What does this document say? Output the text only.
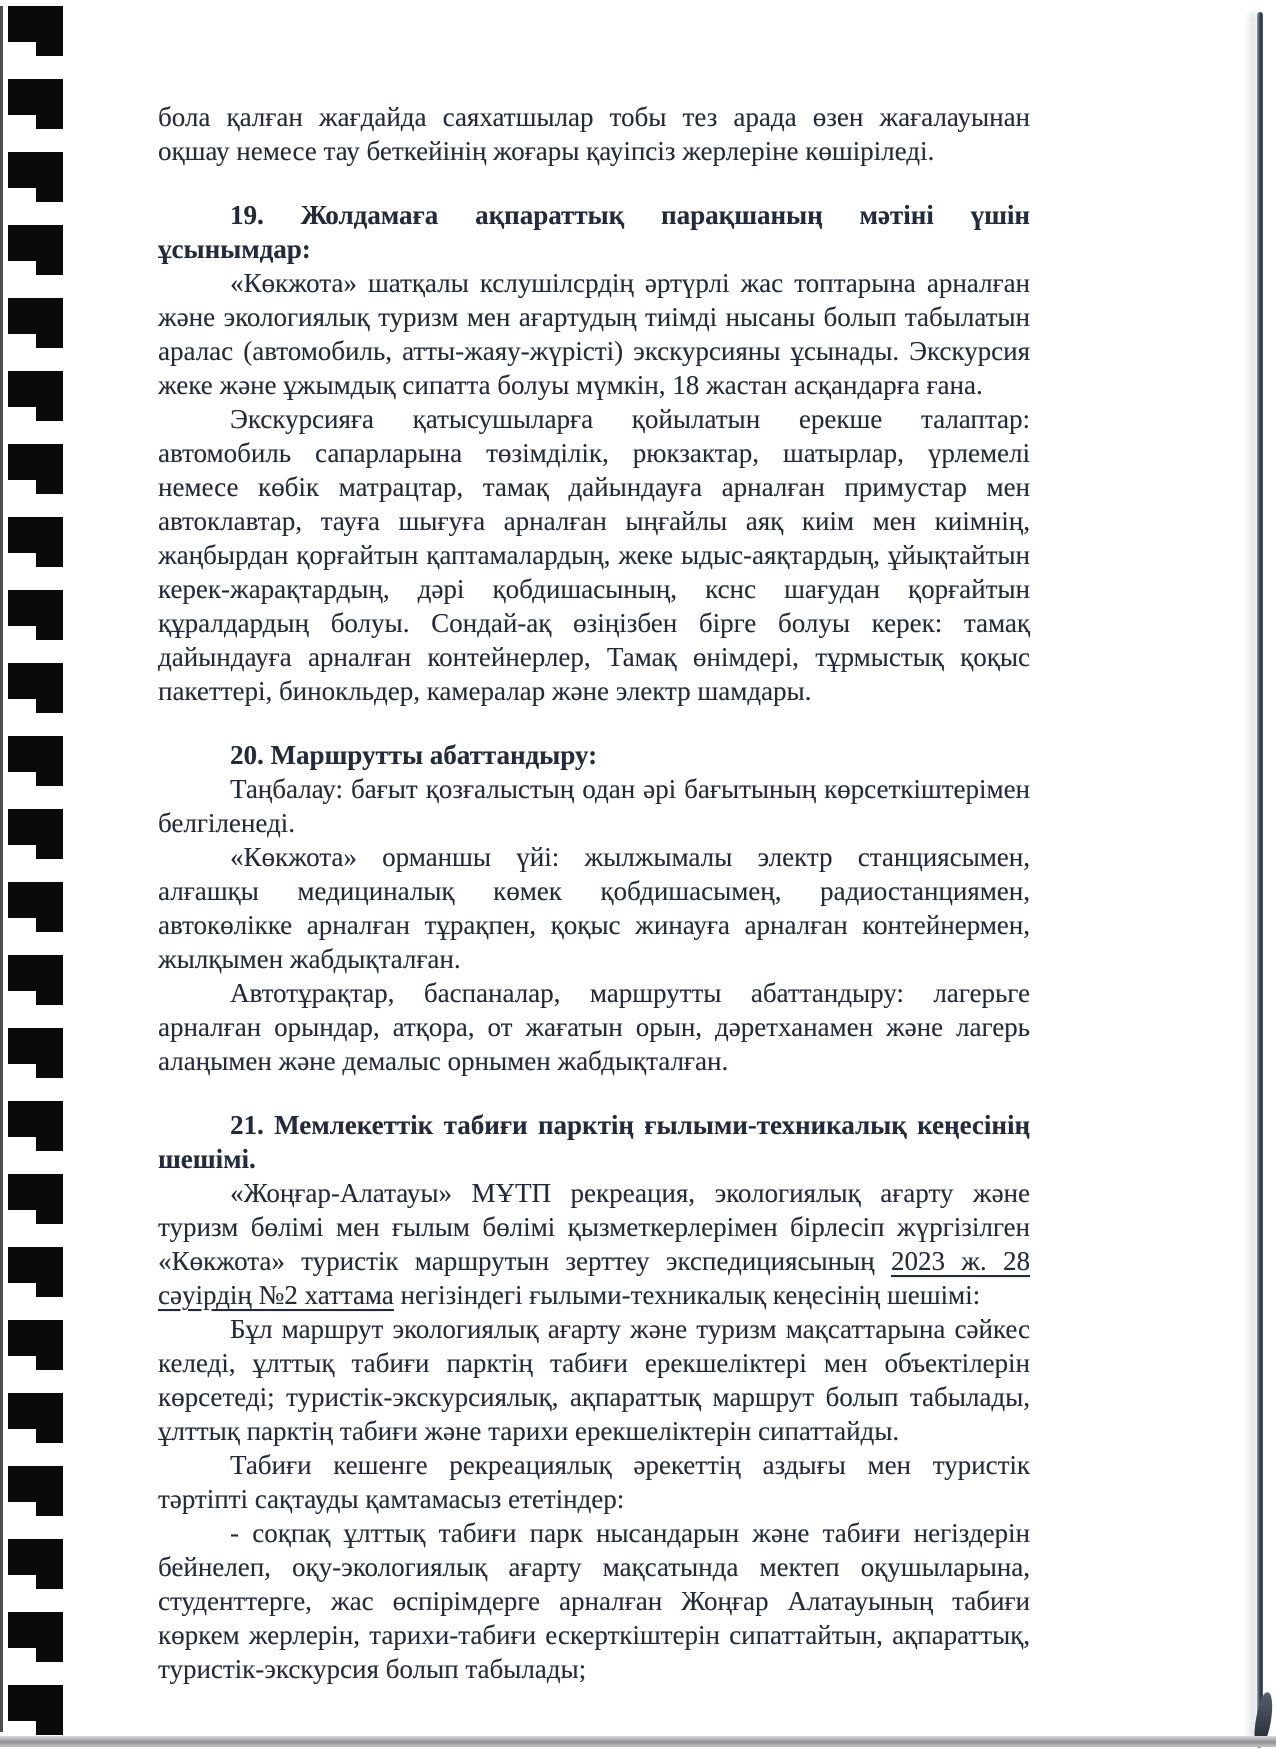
бола қалған жағдайда саяхатшылар тобы тез арада өзен жағалауынан оқшау немесе тау беткейінің жоғары қауіпсіз жерлеріне көшіріледі.

19. Жолдамаға ақпараттық парақшаның мәтіні үшін ұсынымдар:

«Көкжота» шатқалы кслушілсрдің әртүрлі жас топтарына арналған және экологиялық туризм мен ағартудың тиімді нысаны болып табылатын аралас (автомобиль, атты-жаяу-жүрісті) экскурсияны ұсынады. Экскурсия жеке және ұжымдық сипатта болуы мүмкін, 18 жастан асқандарға ғана.

Экскурсияға қатысушыларға қойылатын ерекше талаптар: автомобиль сапарларына төзімділік, рюкзактар, шатырлар, үрлемелі немесе көбік матрацтар, тамақ дайындауға арналған примустар мен автоклавтар, тауға шығуға арналған ыңғайлы аяқ киім мен киімнің, жаңбырдан қорғайтын қаптамалардың, жеке ыдыс-аяқтардың, ұйықтайтын керек-жарақтардың, дәрі қобдишасының, кснс шағудан қорғайтын құралдардың болуы. Сондай-ақ өзіңізбен бірге болуы керек: тамақ дайындауға арналған контейнерлер, Тамақ өнімдері, тұрмыстық қоқыс пакеттері, бинокльдер, камералар және электр шамдары.

20. Маршрутты абаттандыру:

Таңбалау: бағыт қозғалыстың одан әрі бағытының көрсеткіштерімен белгіленеді.

«Көкжота» орманшы үйі: жылжымалы электр станциясымен, алғашқы медициналық көмек қобдишасымең, радиостанциямен, автокөлікке арналған тұрақпен, қоқыс жинауға арналған контейнермен, жылқымен жабдықталған.

Автотұрақтар, баспаналар, маршрутты абаттандыру: лагерьге арналған орындар, атқора, от жағатын орын, дәретханамен және лагерь алаңымен және демалыс орнымен жабдықталған.

21. Мемлекеттік табиғи парктің ғылыми-техникалық кеңесінің шешімі.

«Жоңғар-Алатауы» МҰТП рекреация, экологиялық ағарту және туризм бөлімі мен ғылым бөлімі қызметкерлерімен бірлесіп жүргізілген «Көкжота» туристік маршрутын зерттеу экспедициясының 2023 ж. 28 сәуірдің №2 хаттама негізіндегі ғылыми-техникалық кеңесінің шешімі:

Бұл маршрут экологиялық ағарту және туризм мақсаттарына сәйкес келеді, ұлттық табиғи парктің табиғи ерекшеліктері мен объектілерін көрсетеді; туристік-экскурсиялық, ақпараттық маршрут болып табылады, ұлттық парктің табиғи және тарихи ерекшеліктерін сипаттайды.

Табиғи кешенге рекреациялық әрекеттің аздығы мен туристік тәртіпті сақтауды қамтамасыз ететіндер:

- соқпақ ұлттық табиғи парк нысандарын және табиғи негіздерін бейнелеп, оқу-экологиялық ағарту мақсатында мектеп оқушыларына, студенттерге, жас өспірімдерге арналған Жоңғар Алатауының табиғи көркем жерлерін, тарихи-табиғи ескерткіштерін сипаттайтын, ақпараттық, туристік-экскурсия болып табылады;
